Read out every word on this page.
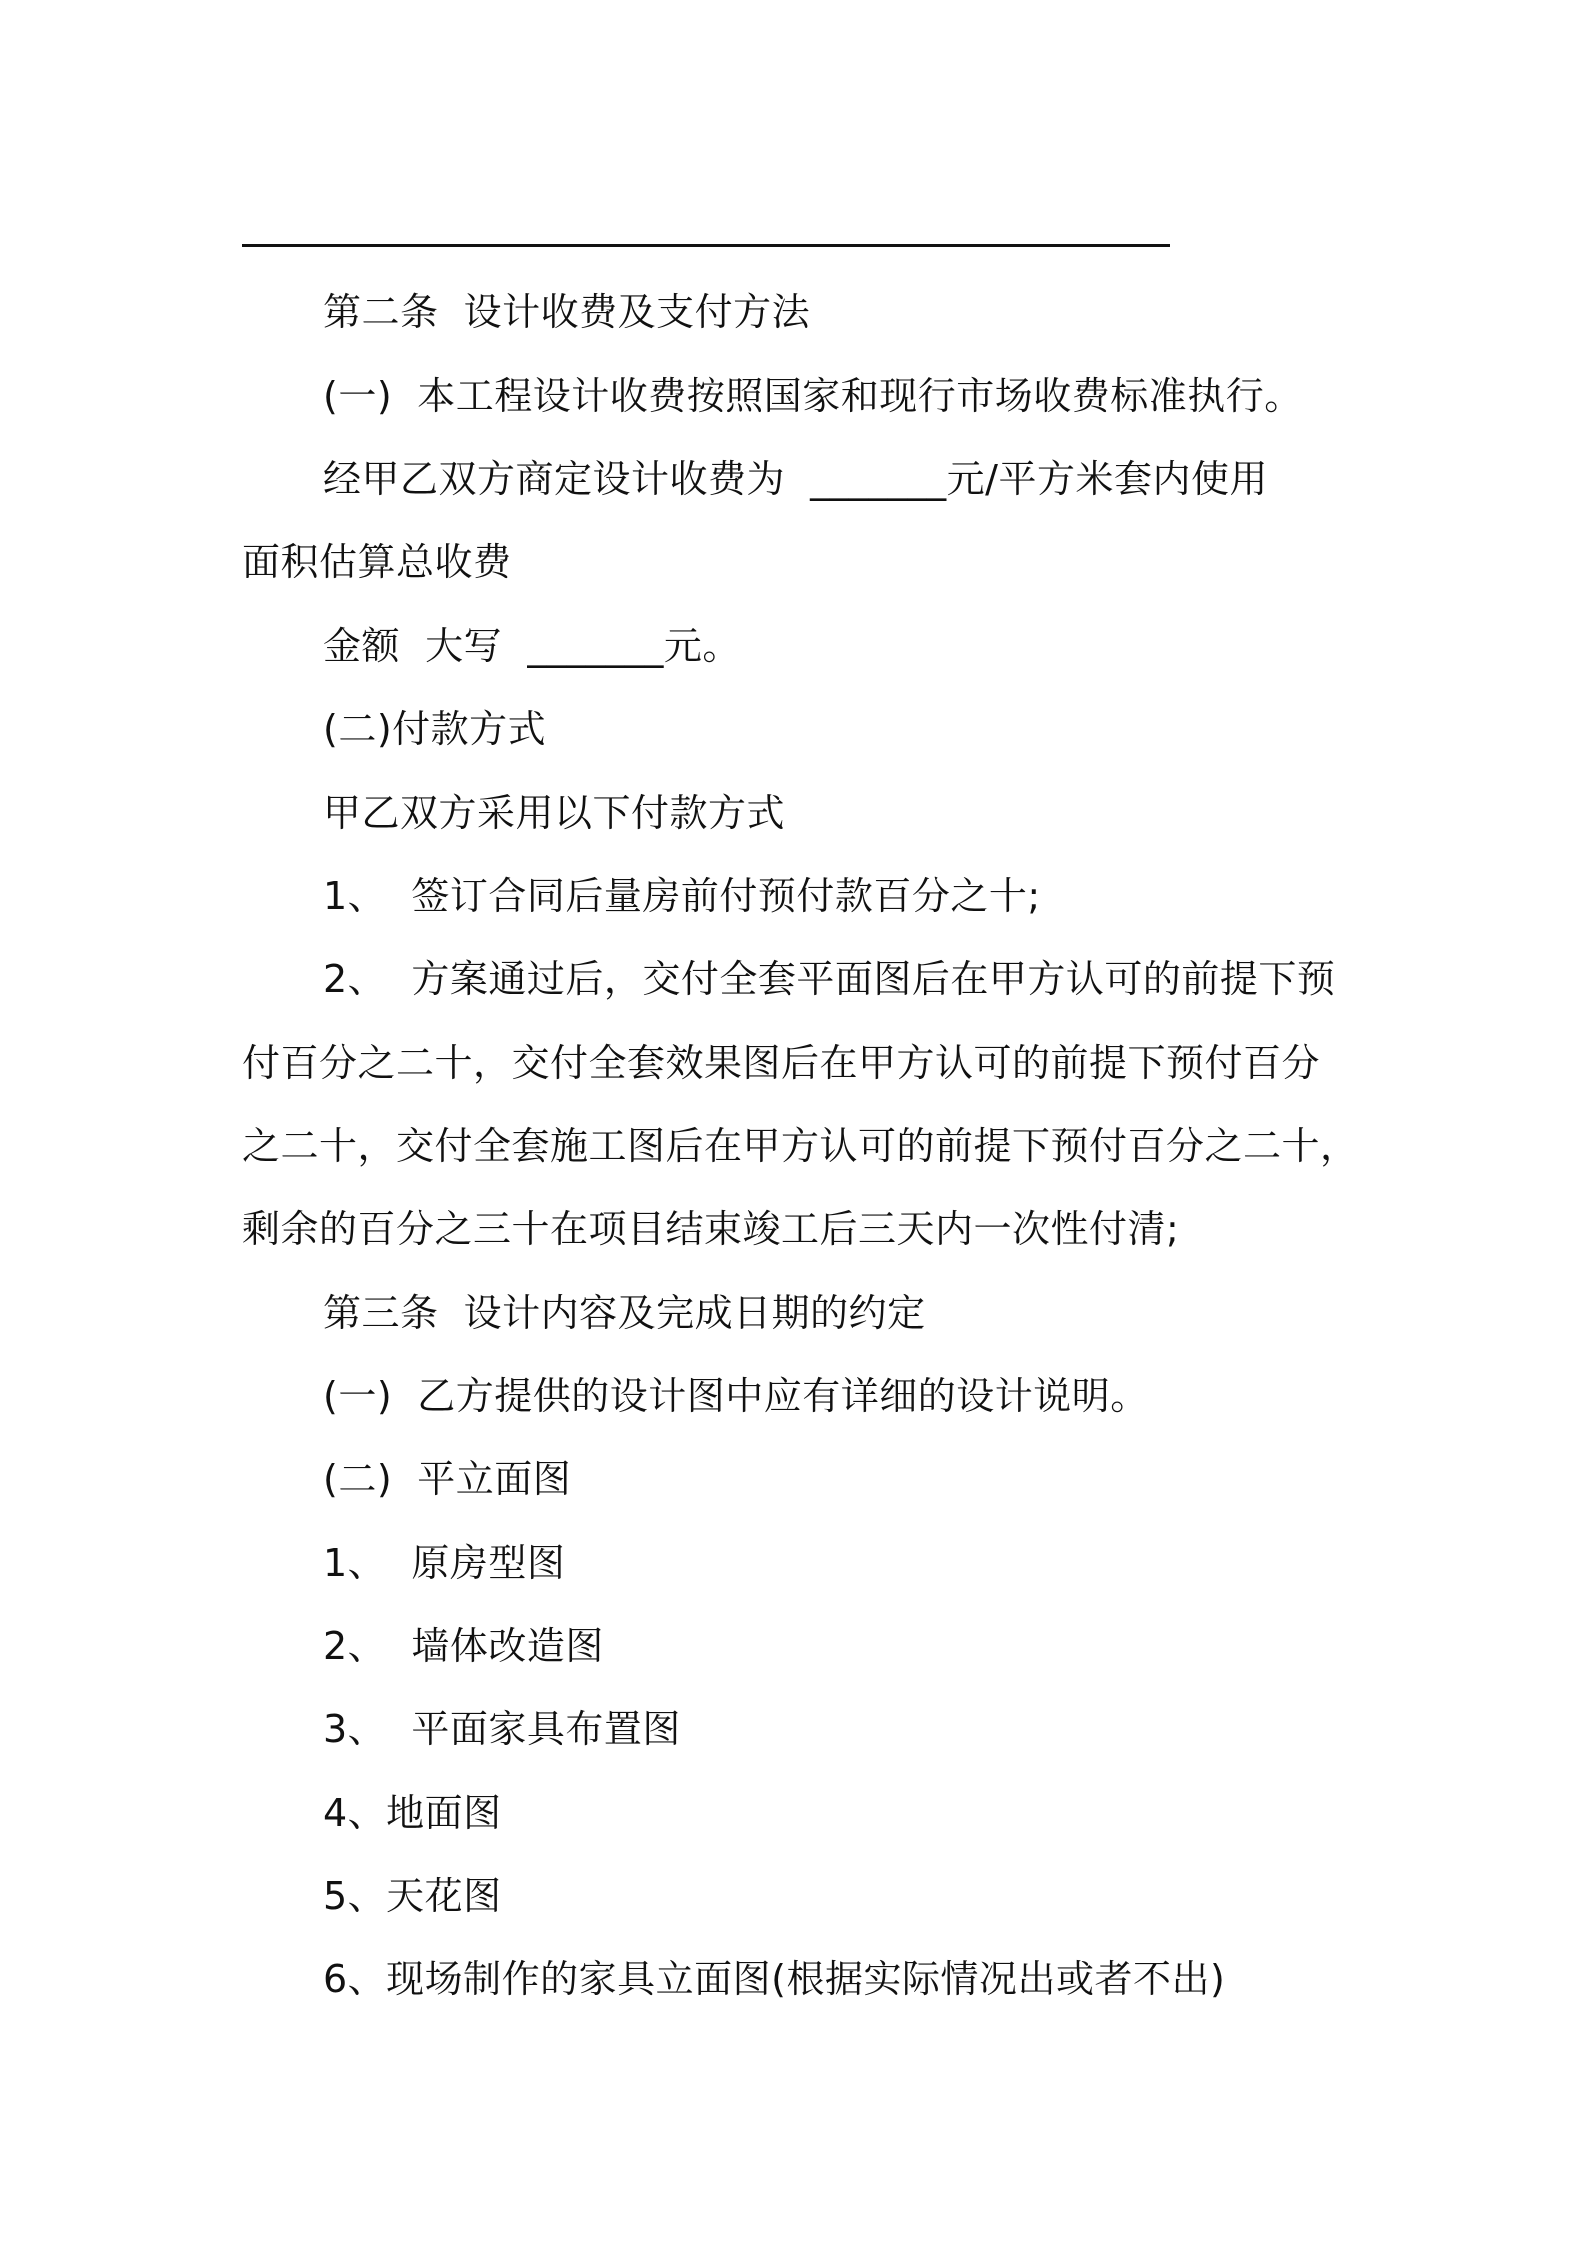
第二条  设计收费及支付方法
(一)  本工程设计收费按照国家和现行市场收费标准执行。
经甲乙双方商定设计收费为  _______元/平方米套内使用
面积估算总收费
金额  大写  _______元。
(二)付款方式
甲乙双方采用以下付款方式
1、  签订合同后量房前付预付款百分之十;
2、  方案通过后，交付全套平面图后在甲方认可的前提下预
付百分之二十，交付全套效果图后在甲方认可的前提下预付百分
之二十，交付全套施工图后在甲方认可的前提下预付百分之二十，
剩余的百分之三十在项目结束竣工后三天内一次性付清;
第三条  设计内容及完成日期的约定
(一)  乙方提供的设计图中应有详细的设计说明。
(二)  平立面图
1、  原房型图
2、  墙体改造图
3、  平面家具布置图
4、地面图
5、天花图
6、现场制作的家具立面图(根据实际情况出或者不出)
